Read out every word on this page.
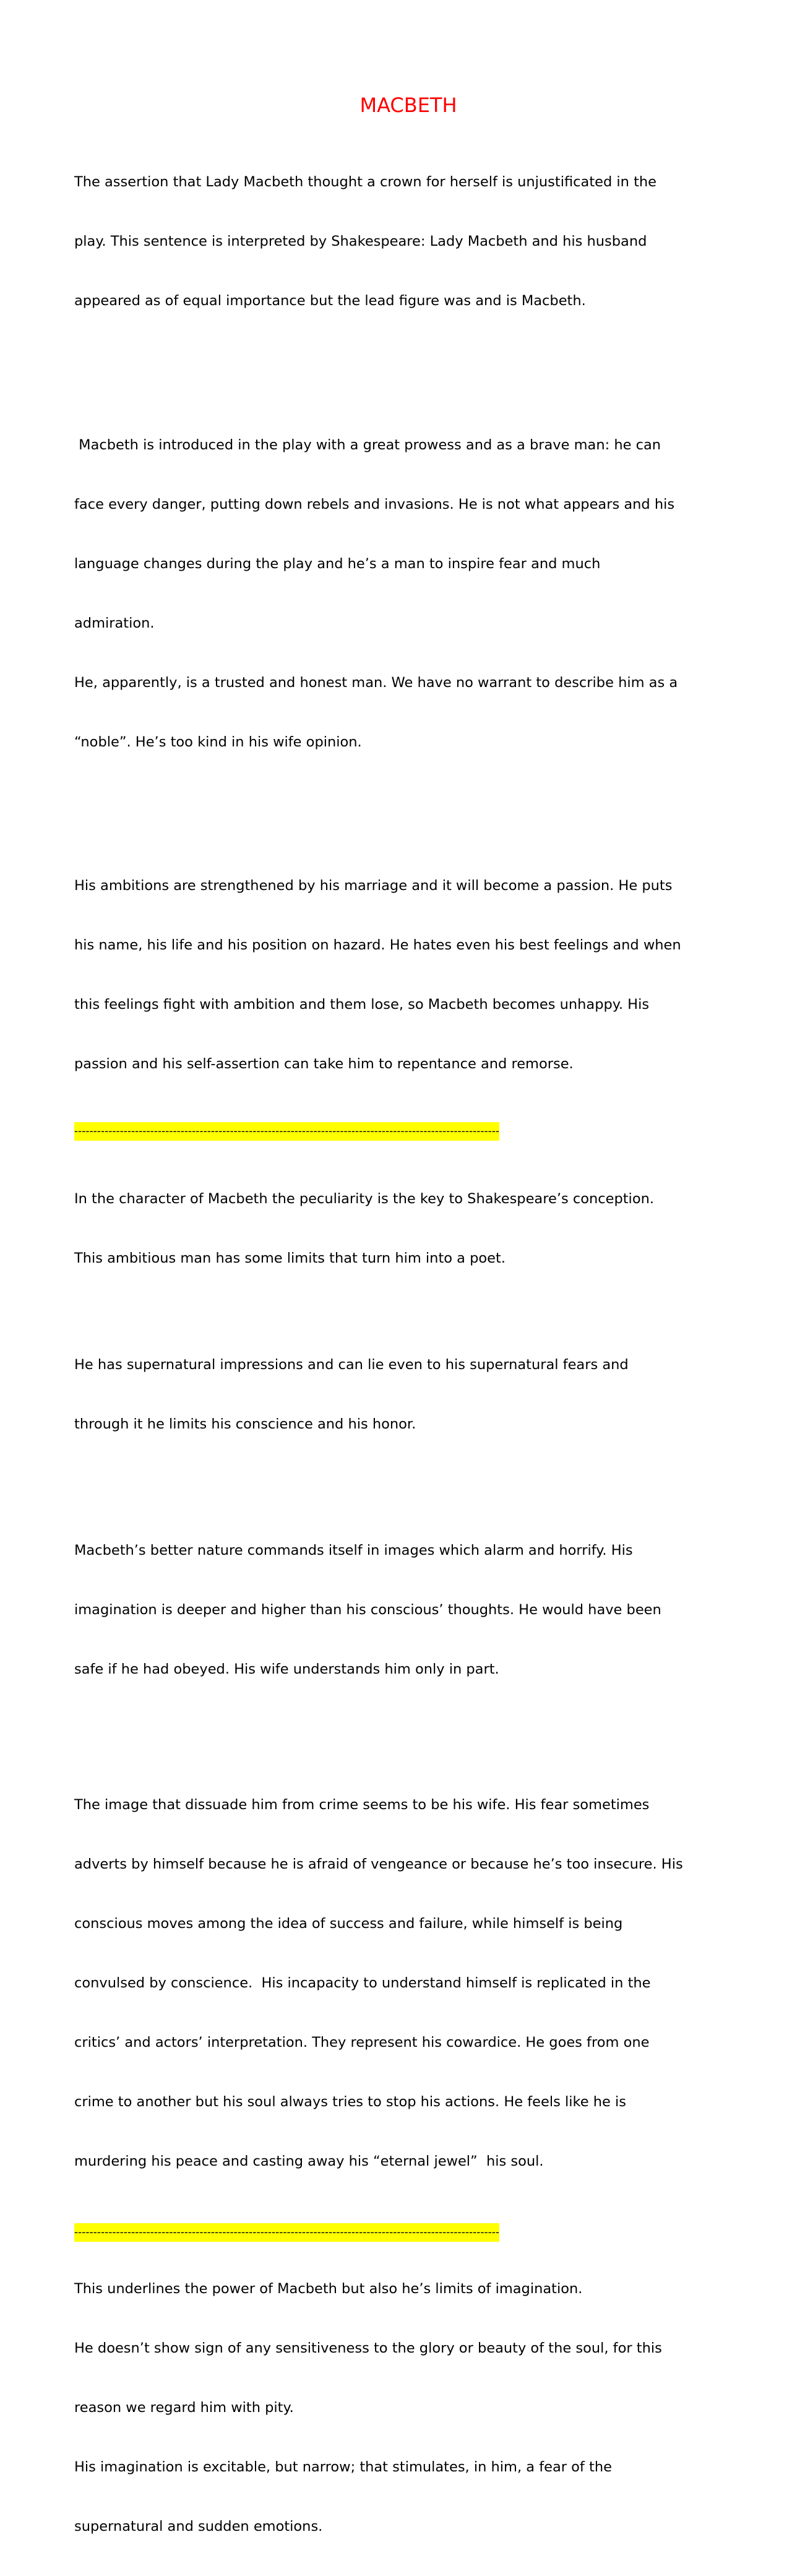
MACBETH

The assertion that Lady Macbeth thought a crown for herself is unjustificated in the

play. This sentence is interpreted by Shakespeare: Lady Macbeth and his husband

appeared as of equal importance but the lead figure was and is Macbeth.

Macbeth is introduced in the play with a great prowess and as a brave man: he can

face every danger, putting down rebels and invasions. He is not what appears and his

language changes during the play and he’s a man to inspire fear and much

admiration.

He, apparently, is a trusted and honest man. We have no warrant to describe him as a

“noble”. He’s too kind in his wife opinion.

His ambitions are strengthened by his marriage and it will become a passion. He puts

his name, his life and his position on hazard. He hates even his best feelings and when

this feelings fight with ambition and them lose, so Macbeth becomes unhappy. His

passion and his self-assertion can take him to repentance and remorse.

----------------------------------------------------------------------------------------------------------------

In the character of Macbeth the peculiarity is the key to Shakespeare’s conception.

This ambitious man has some limits that turn him into a poet.

He has supernatural impressions and can lie even to his supernatural fears and

through it he limits his conscience and his honor.

Macbeth’s better nature commands itself in images which alarm and horrify. His

imagination is deeper and higher than his conscious’ thoughts. He would have been

safe if he had obeyed. His wife understands him only in part.

The image that dissuade him from crime seems to be his wife. His fear sometimes

adverts by himself because he is afraid of vengeance or because he’s too insecure. His

conscious moves among the idea of success and failure, while himself is being

convulsed by conscience.  His incapacity to understand himself is replicated in the

critics’ and actors’ interpretation. They represent his cowardice. He goes from one

crime to another but his soul always tries to stop his actions. He feels like he is

murdering his peace and casting away his “eternal jewel”  his soul.

----------------------------------------------------------------------------------------------------------------

This underlines the power of Macbeth but also he’s limits of imagination.

He doesn’t show sign of any sensitiveness to the glory or beauty of the soul, for this

reason we regard him with pity.

His imagination is excitable, but narrow; that stimulates, in him, a fear of the

supernatural and sudden emotions.
